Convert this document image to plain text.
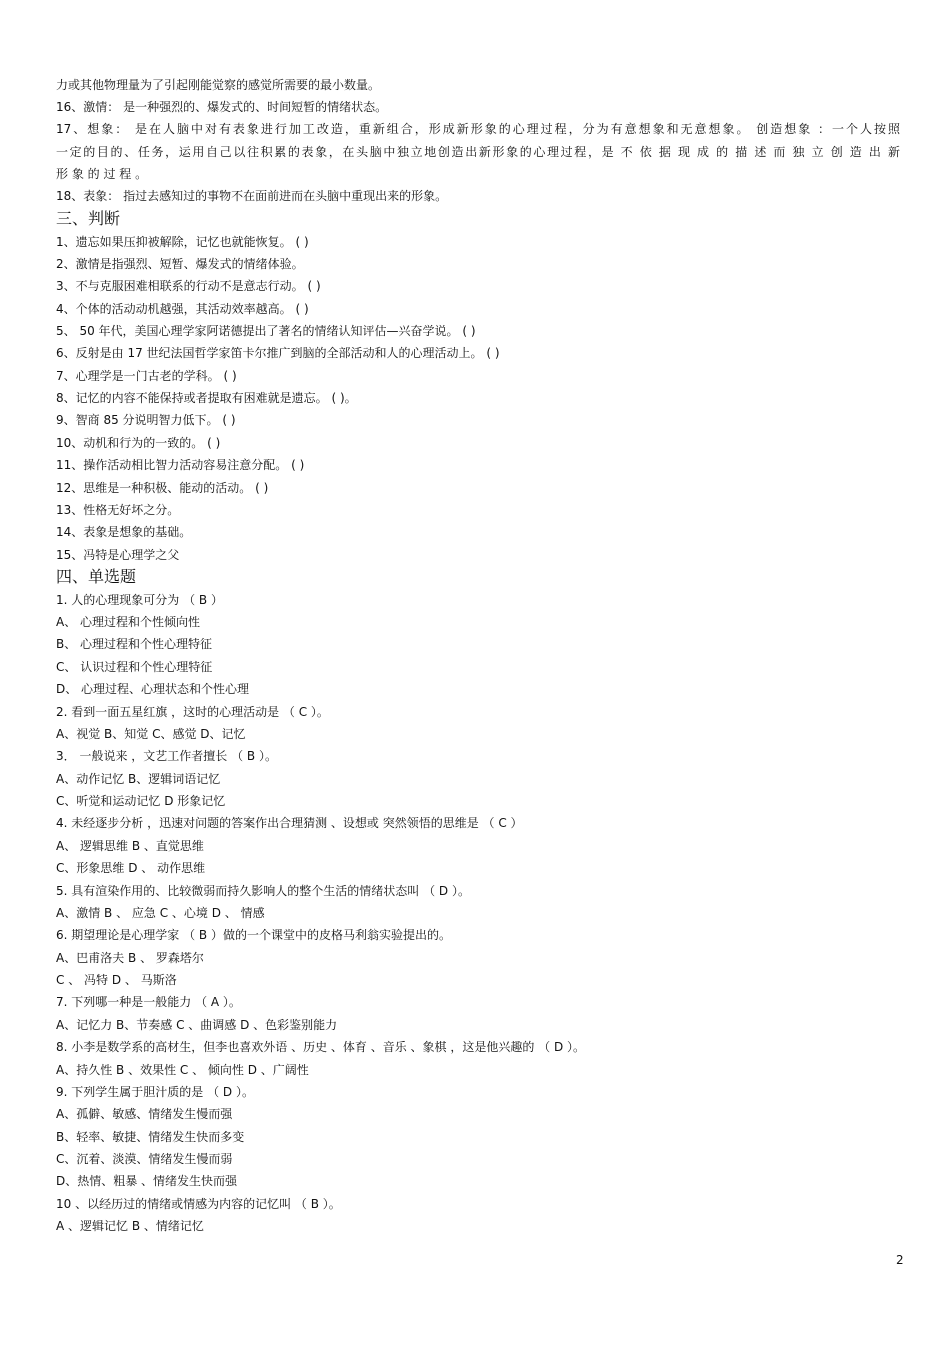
力或其他物理量为了引起刚能觉察的感觉所需要的最小数量。
16、激情： 是一种强烈的、爆发式的、时间短暂的情绪状态。
17、想象： 是在人脑中对有表象进行加工改造，重新组合，形成新形象的心理过程，分为有意想象和无意想象。 创造想象 ：一个人按照
一定的目的、任务，运用自己以往积累的表象，在头脑中独立地创造出新形象的心理过程，是 不 依 据 现 成 的 描 述 而 独 立 创 造 出 新
形 象 的 过 程 。
18、表象： 指过去感知过的事物不在面前进而在头脑中重现出来的形象。
三、判断
1、遗忘如果压抑被解除，记忆也就能恢复。 ( )
2、激情是指强烈、短暂、爆发式的情绪体验。
3、不与克服困难相联系的行动不是意志行动。 ( )
4、个体的活动动机越强，其活动效率越高。 ( )
5、 50 年代，美国心理学家阿诺德提出了著名的情绪认知评估—兴奋学说。 ( )
6、反射是由 17 世纪法国哲学家笛卡尔推广到脑的全部活动和人的心理活动上。 ( )
7、心理学是一门古老的学科。 ( )
8、记忆的内容不能保持或者提取有困难就是遗忘。 ( )。
9、智商 85 分说明智力低下。 ( )
10、动机和行为的一致的。 ( )
11、操作活动相比智力活动容易注意分配。 ( )
12、思维是一种积极、能动的活动。 ( )
13、性格无好坏之分。
14、表象是想象的基础。
15、冯特是心理学之父
四、单选题
1. 人的心理现象可分为 （ B ）
A、 心理过程和个性倾向性
B、 心理过程和个性心理特征
C、 认识过程和个性心理特征
D、 心理过程、心理状态和个性心理
2. 看到一面五星红旗 ，这时的心理活动是 （ C ）。
A、视觉 B、知觉 C、感觉 D、记忆
3． 一般说来 ，文艺工作者擅长 （ B ）。
A、动作记忆 B、逻辑词语记忆
C、听觉和运动记忆 D 形象记忆
4. 未经逐步分析 ，迅速对问题的答案作出合理猜测 、设想或 突然领悟的思维是 （ C ）
A、 逻辑思维 B 、直觉思维
C、形象思维 D 、 动作思维
5. 具有渲染作用的、比较微弱而持久影响人的整个生活的情绪状态叫 （ D ）。
A、激情 B 、 应急 C 、心境 D 、 情感
6. 期望理论是心理学家 （ B ）做的一个课堂中的皮格马利翁实验提出的。
A、巴甫洛夫 B 、 罗森塔尔
C 、 冯特 D 、 马斯洛
7. 下列哪一种是一般能力 （ A ）。
A、记忆力 B、节奏感 C 、曲调感 D 、色彩鉴别能力
8. 小李是数学系的高材生，但李也喜欢外语 、历史 、体育 、音乐 、象棋 ，这是他兴趣的 （ D ）。
A、持久性 B 、效果性 C 、 倾向性 D 、广阔性
9. 下列学生属于胆汁质的是 （ D ）。
A、孤僻、敏感、情绪发生慢而强
B、轻率、敏捷、情绪发生快而多变
C、沉着、淡漠、情绪发生慢而弱
D、热情、粗暴 、情绪发生快而强
10 、以经历过的情绪或情感为内容的记忆叫 （ B ）。
A 、逻辑记忆 B 、情绪记忆
2
